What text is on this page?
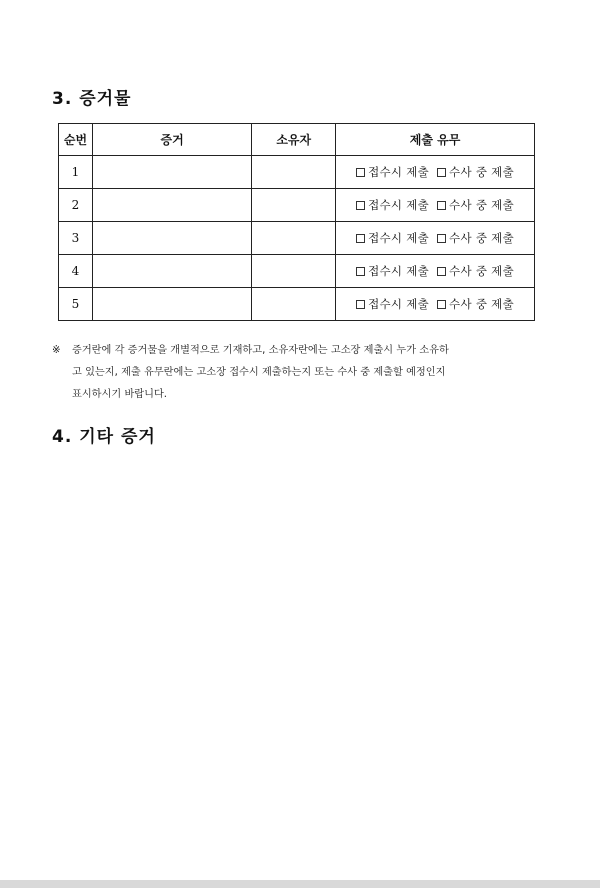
3. 증거물
순번	증거	소유자	제출 유무
1			접수시 제출 수사 중 제출
2			접수시 제출 수사 중 제출
3			접수시 제출 수사 중 제출
4			접수시 제출 수사 중 제출
5			접수시 제출 수사 중 제출
※	증거란에 각 증거물을 개별적으로 기재하고, 소유자란에는 고소장 제출시 누가 소유하
고 있는지, 제출 유무란에는 고소장 접수시 제출하는지 또는 수사 중 제출할 예정인지
표시하시기 바랍니다.
4. 기타 증거
